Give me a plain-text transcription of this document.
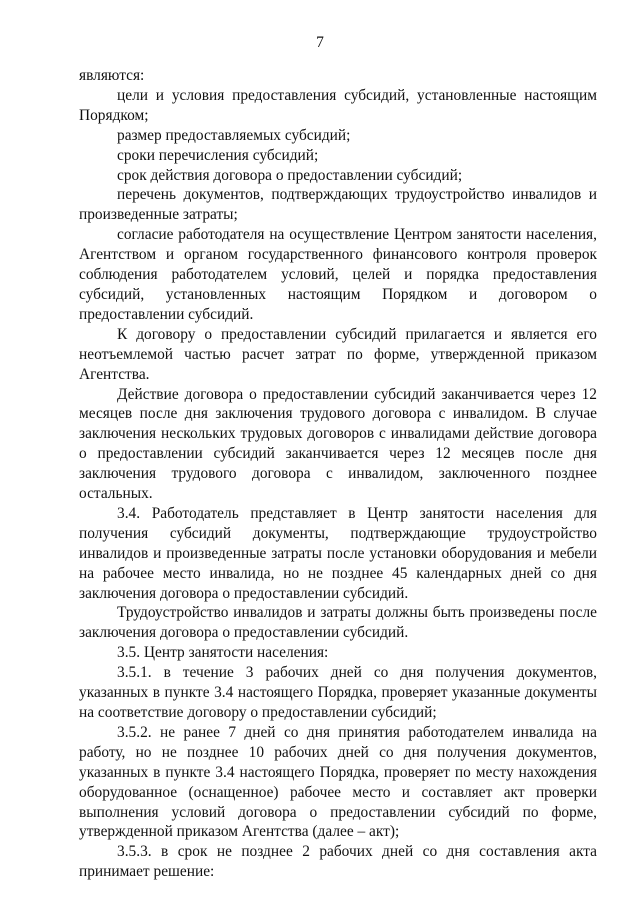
7

являются:

цели и условия предоставления субсидий, установленные настоящим Порядком;

размер предоставляемых субсидий;

сроки перечисления субсидий;

срок действия договора о предоставлении субсидий;

перечень документов, подтверждающих трудоустройство инвалидов и произведенные затраты;

согласие работодателя на осуществление Центром занятости населения, Агентством и органом государственного финансового контроля проверок соблюдения работодателем условий, целей и порядка предоставления субсидий, установленных настоящим Порядком и договором о предоставлении субсидий.

К договору о предоставлении субсидий прилагается и является его неотъемлемой частью расчет затрат по форме, утвержденной приказом Агентства.

Действие договора о предоставлении субсидий заканчивается через 12 месяцев после дня заключения трудового договора с инвалидом. В случае заключения нескольких трудовых договоров с инвалидами действие договора о предоставлении субсидий заканчивается через 12 месяцев после дня заключения трудового договора с инвалидом, заключенного позднее остальных.

3.4. Работодатель представляет в Центр занятости населения для получения субсидий документы, подтверждающие трудоустройство инвалидов и произведенные затраты после установки оборудования и мебели на рабочее место инвалида, но не позднее 45 календарных дней со дня заключения договора о предоставлении субсидий.

Трудоустройство инвалидов и затраты должны быть произведены после заключения договора о предоставлении субсидий.

3.5. Центр занятости населения:

3.5.1. в течение 3 рабочих дней со дня получения документов, указанных в пункте 3.4 настоящего Порядка, проверяет указанные документы на соответствие договору о предоставлении субсидий;

3.5.2. не ранее 7 дней со дня принятия работодателем инвалида на работу, но не позднее 10 рабочих дней со дня получения документов, указанных в пункте 3.4 настоящего Порядка, проверяет по месту нахождения оборудованное (оснащенное) рабочее место и составляет акт проверки выполнения условий договора о предоставлении субсидий по форме, утвержденной приказом Агентства (далее – акт);

3.5.3. в срок не позднее 2 рабочих дней со дня составления акта принимает решение:
